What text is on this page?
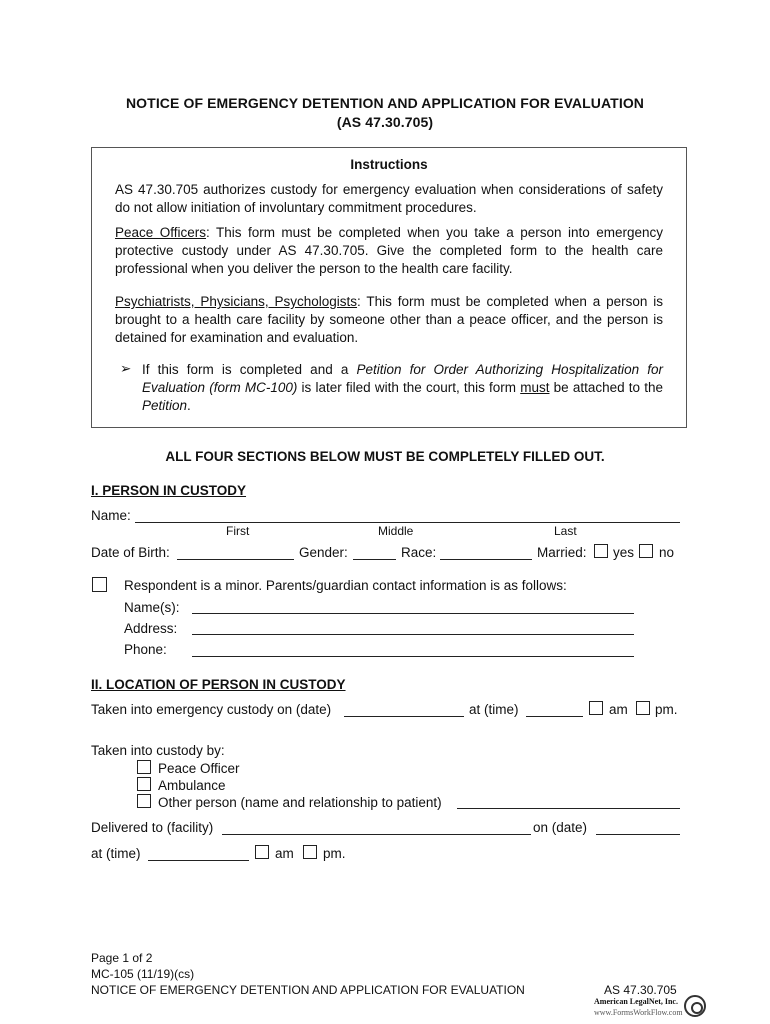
NOTICE OF EMERGENCY DETENTION AND APPLICATION FOR EVALUATION
(AS 47.30.705)
Instructions
AS 47.30.705 authorizes custody for emergency evaluation when considerations of safety do not allow initiation of involuntary commitment procedures.
Peace Officers: This form must be completed when you take a person into emergency protective custody under AS 47.30.705. Give the completed form to the health care professional when you deliver the person to the health care facility.
Psychiatrists, Physicians, Psychologists: This form must be completed when a person is brought to a health care facility by someone other than a peace officer, and the person is detained for examination and evaluation.
➢ If this form is completed and a Petition for Order Authorizing Hospitalization for Evaluation (form MC-100) is later filed with the court, this form must be attached to the Petition.
ALL FOUR SECTIONS BELOW MUST BE COMPLETELY FILLED OUT.
I. PERSON IN CUSTODY
Name:
First	Middle	Last
Date of Birth:	Gender:	Race:	Married: yes no
Respondent is a minor. Parents/guardian contact information is as follows:
Name(s):
Address:
Phone:
II. LOCATION OF PERSON IN CUSTODY
Taken into emergency custody on (date)	at (time)	am pm.
Taken into custody by:
Peace Officer
Ambulance
Other person (name and relationship to patient)
Delivered to (facility)	on (date)
at (time)	am pm.
Page 1 of 2
MC-105 (11/19)(cs)
NOTICE OF EMERGENCY DETENTION AND APPLICATION FOR EVALUATION	AS 47.30.705
American LegalNet, Inc.
www.FormsWorkFlow.com
